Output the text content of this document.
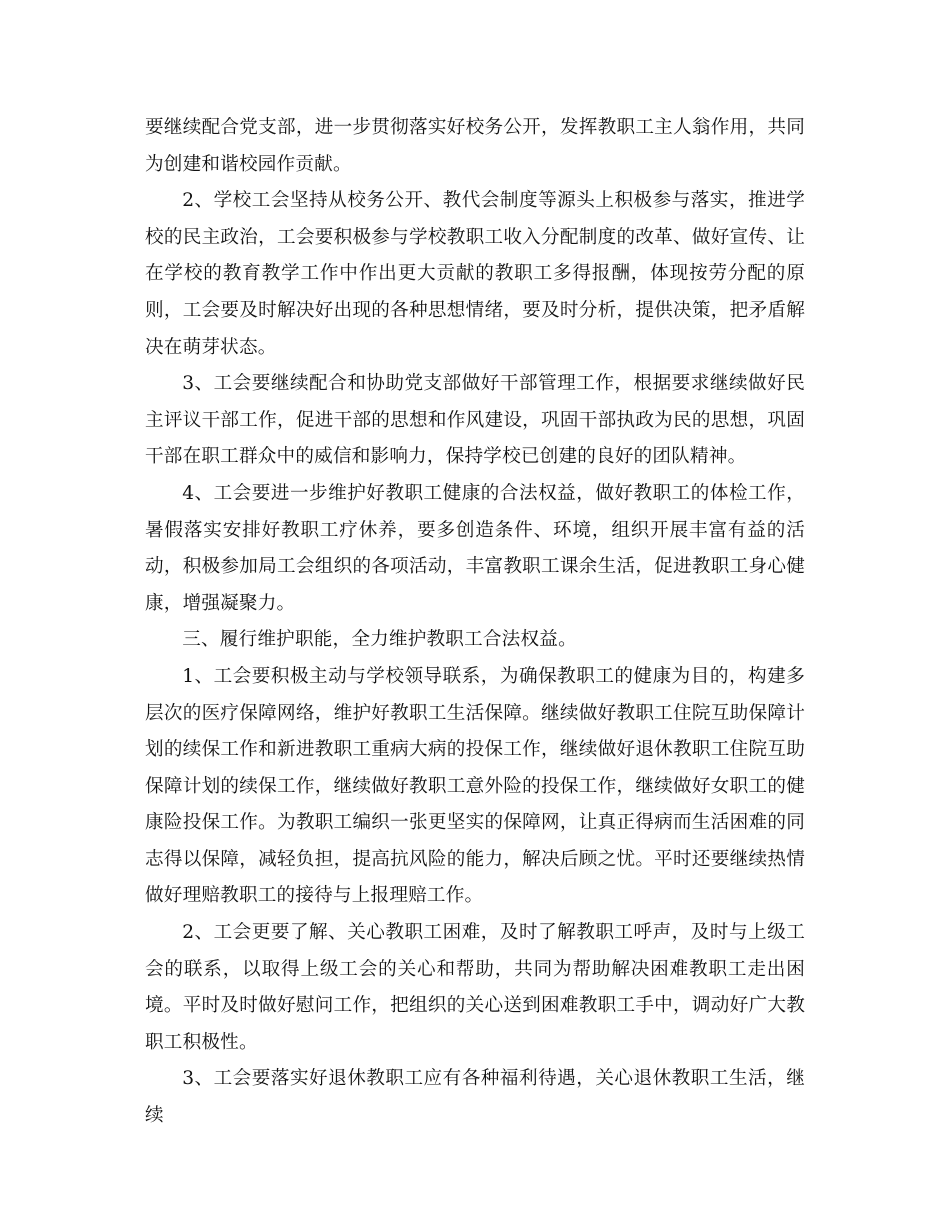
要继续配合党支部，进一步贯彻落实好校务公开，发挥教职工主人翁作用，共同为创建和谐校园作贡献。

2、学校工会坚持从校务公开、教代会制度等源头上积极参与落实，推进学校的民主政治，工会要积极参与学校教职工收入分配制度的改革、做好宣传、让在学校的教育教学工作中作出更大贡献的教职工多得报酬，体现按劳分配的原则，工会要及时解决好出现的各种思想情绪，要及时分析，提供决策，把矛盾解决在萌芽状态。

3、工会要继续配合和协助党支部做好干部管理工作，根据要求继续做好民主评议干部工作，促进干部的思想和作风建设，巩固干部执政为民的思想，巩固干部在职工群众中的威信和影响力，保持学校已创建的良好的团队精神。

4、工会要进一步维护好教职工健康的合法权益，做好教职工的体检工作，暑假落实安排好教职工疗休养，要多创造条件、环境，组织开展丰富有益的活动，积极参加局工会组织的各项活动，丰富教职工课余生活，促进教职工身心健康，增强凝聚力。

三、履行维护职能，全力维护教职工合法权益。

1、工会要积极主动与学校领导联系，为确保教职工的健康为目的，构建多层次的医疗保障网络，维护好教职工生活保障。继续做好教职工住院互助保障计划的续保工作和新进教职工重病大病的投保工作，继续做好退休教职工住院互助保障计划的续保工作，继续做好教职工意外险的投保工作，继续做好女职工的健康险投保工作。为教职工编织一张更坚实的保障网，让真正得病而生活困难的同志得以保障，减轻负担，提高抗风险的能力，解决后顾之忧。平时还要继续热情做好理赔教职工的接待与上报理赔工作。

2、工会更要了解、关心教职工困难，及时了解教职工呼声，及时与上级工会的联系，以取得上级工会的关心和帮助，共同为帮助解决困难教职工走出困境。平时及时做好慰问工作，把组织的关心送到困难教职工手中，调动好广大教职工积极性。

3、工会要落实好退休教职工应有各种福利待遇，关心退休教职工生活，继续
